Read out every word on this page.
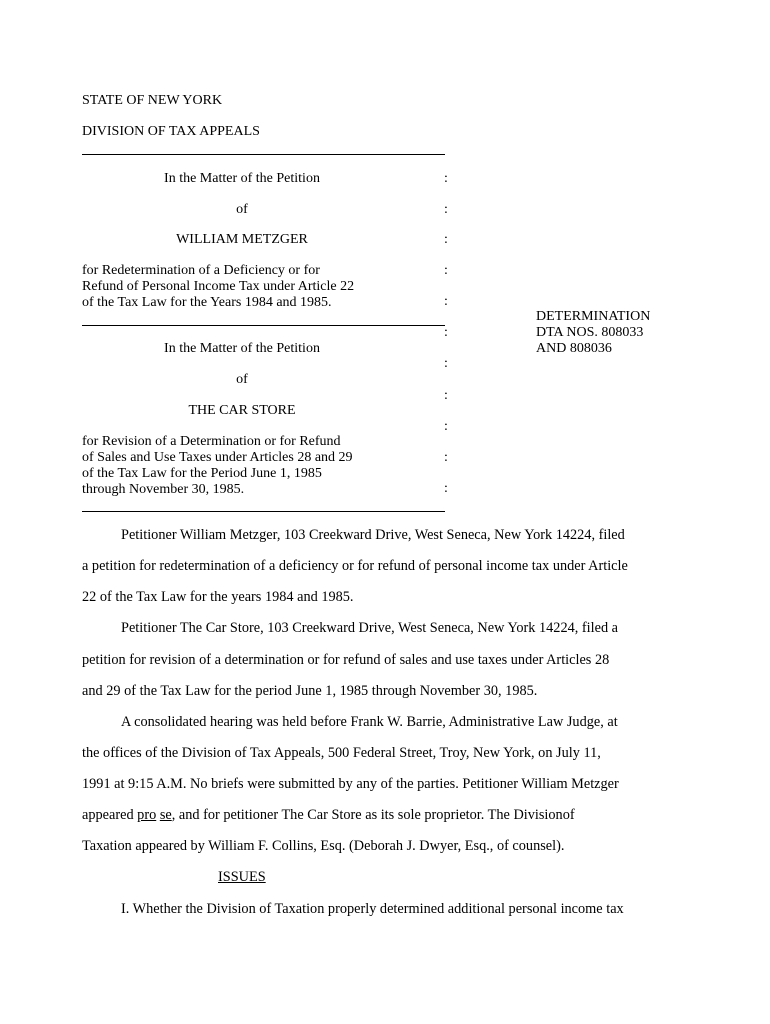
STATE OF NEW YORK
DIVISION OF TAX APPEALS
In the Matter of the Petition
of
WILLIAM METZGER
for Redetermination of a Deficiency or for
Refund of Personal Income Tax under Article 22
of the Tax Law for the Years 1984 and 1985.
In the Matter of the Petition
of
THE CAR STORE
for Revision of a Determination or for Refund
of Sales and Use Taxes under Articles 28 and 29
of the Tax Law for the Period June 1, 1985
through November 30, 1985.
:
:
:
:
:
:
:
:
:
:
:
DETERMINATION
DTA NOS. 808033
AND 808036
Petitioner William Metzger, 103 Creekward Drive, West Seneca, New York 14224, filed
a petition for redetermination of a deficiency or for refund of personal income tax under Article
22 of the Tax Law for the years 1984 and 1985.
Petitioner The Car Store, 103 Creekward Drive, West Seneca, New York 14224, filed a
petition for revision of a determination or for refund of sales and use taxes under Articles 28
and 29 of the Tax Law for the period June 1, 1985 through November 30, 1985.
A consolidated hearing was held before Frank W. Barrie, Administrative Law Judge, at
the offices of the Division of Tax Appeals, 500 Federal Street, Troy, New York, on July 11,
1991 at 9:15 A.M. No briefs were submitted by any of the parties. Petitioner William Metzger
appeared pro se, and for petitioner The Car Store as its sole proprietor. The Divisionof
Taxation appeared by William F. Collins, Esq. (Deborah J. Dwyer, Esq., of counsel).
ISSUES
I. Whether the Division of Taxation properly determined additional personal income tax
